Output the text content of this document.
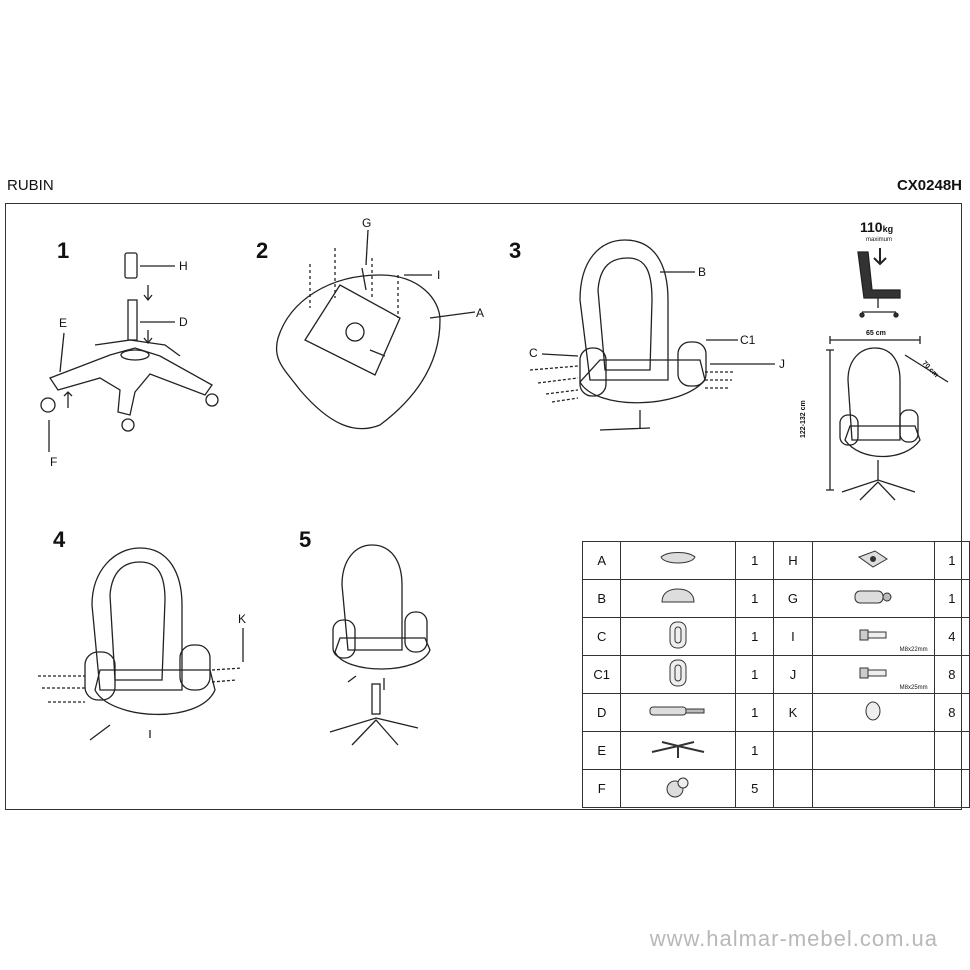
RUBIN	CX0248H
1	2	3
4	5
H
D
E
F
G
I
A
B
C1
C
J
K
110kg
maximum
65 cm
70 cm
122-132 cm
A		1	H		1
B		1	G		1
C		1	I	M8x22mm	4
C1		1	J	M8x25mm	8
D		1	K		8
E		1		

F		5		

www.halmar-mebel.com.ua
